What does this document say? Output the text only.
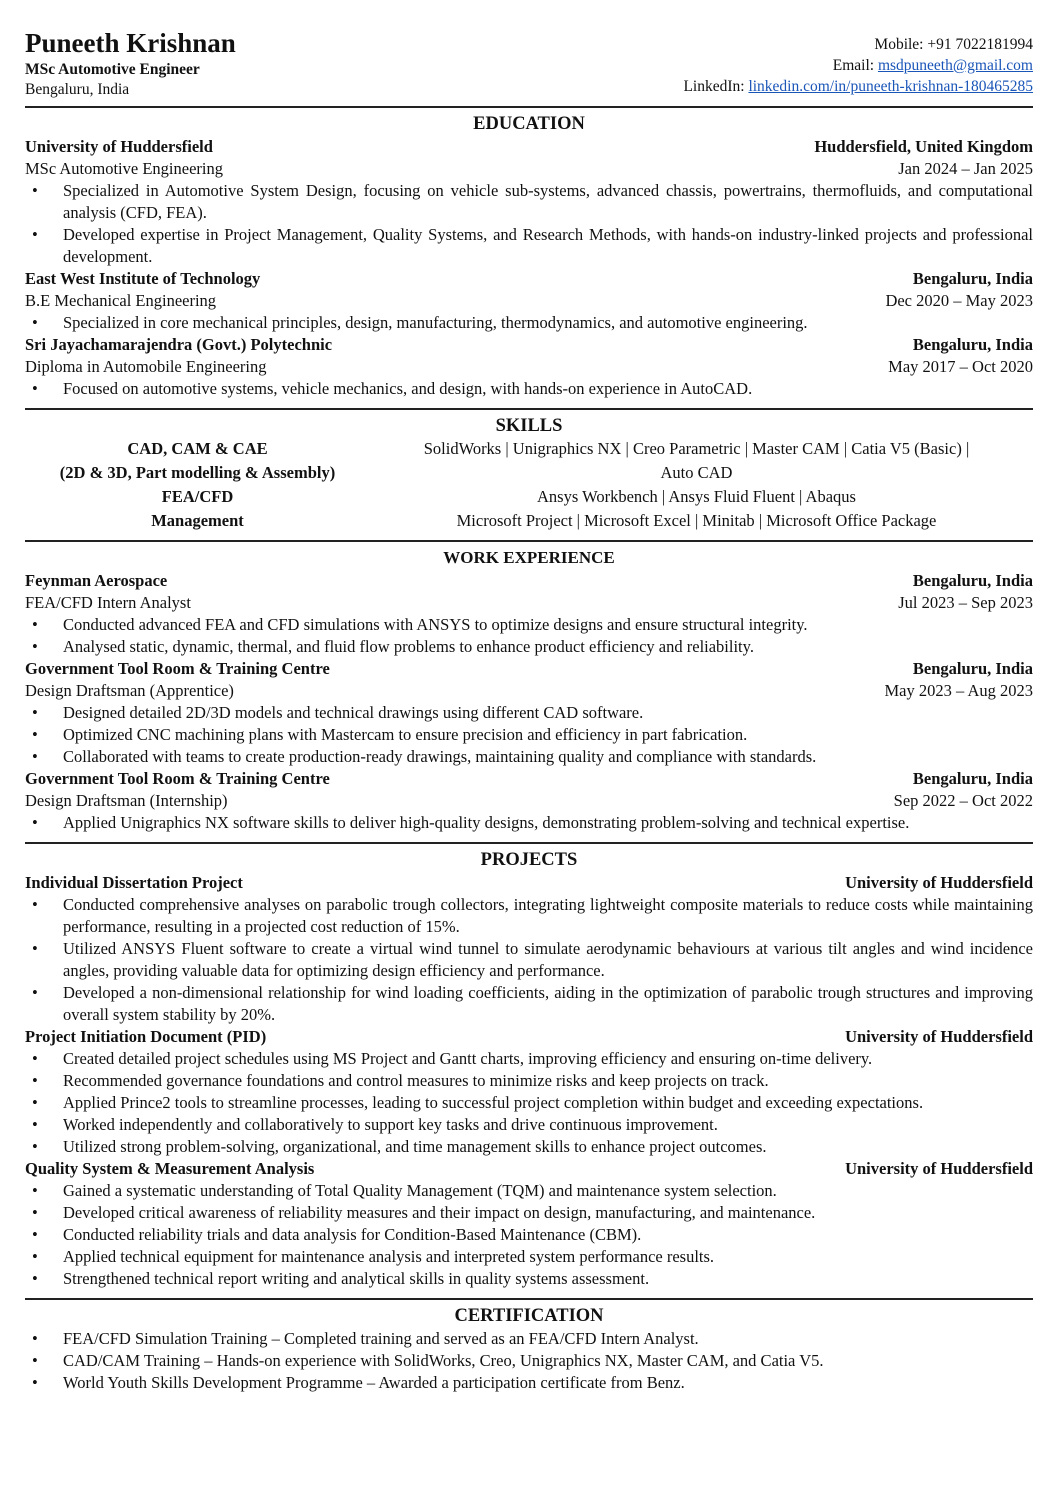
Puneeth Krishnan
MSc Automotive Engineer
Bengaluru, India
Mobile: +91 7022181994
Email: msdpuneeth@gmail.com
LinkedIn: linkedin.com/in/puneeth-krishnan-180465285
EDUCATION
University of Huddersfield	Huddersfield, United Kingdom
MSc Automotive Engineering	Jan 2024 – Jan 2025
• Specialized in Automotive System Design, focusing on vehicle sub-systems, advanced chassis, powertrains, thermofluids, and computational analysis (CFD, FEA).
• Developed expertise in Project Management, Quality Systems, and Research Methods, with hands-on industry-linked projects and professional development.
East West Institute of Technology	Bengaluru, India
B.E Mechanical Engineering	Dec 2020 – May 2023
• Specialized in core mechanical principles, design, manufacturing, thermodynamics, and automotive engineering.
Sri Jayachamarajendra (Govt.) Polytechnic	Bengaluru, India
Diploma in Automobile Engineering	May 2017 – Oct 2020
• Focused on automotive systems, vehicle mechanics, and design, with hands-on experience in AutoCAD.
SKILLS
CAD, CAM & CAE	SolidWorks | Unigraphics NX | Creo Parametric | Master CAM | Catia V5 (Basic) |
(2D & 3D, Part modelling & Assembly)	Auto CAD
FEA/CFD	Ansys Workbench | Ansys Fluid Fluent | Abaqus
Management	Microsoft Project | Microsoft Excel | Minitab | Microsoft Office Package
WORK EXPERIENCE
Feynman Aerospace	Bengaluru, India
FEA/CFD Intern Analyst	Jul 2023 – Sep 2023
• Conducted advanced FEA and CFD simulations with ANSYS to optimize designs and ensure structural integrity.
• Analysed static, dynamic, thermal, and fluid flow problems to enhance product efficiency and reliability.
Government Tool Room & Training Centre	Bengaluru, India
Design Draftsman (Apprentice)	May 2023 – Aug 2023
• Designed detailed 2D/3D models and technical drawings using different CAD software.
• Optimized CNC machining plans with Mastercam to ensure precision and efficiency in part fabrication.
• Collaborated with teams to create production-ready drawings, maintaining quality and compliance with standards.
Government Tool Room & Training Centre	Bengaluru, India
Design Draftsman (Internship)	Sep 2022 – Oct 2022
• Applied Unigraphics NX software skills to deliver high-quality designs, demonstrating problem-solving and technical expertise.
PROJECTS
Individual Dissertation Project	University of Huddersfield
• Conducted comprehensive analyses on parabolic trough collectors, integrating lightweight composite materials to reduce costs while maintaining performance, resulting in a projected cost reduction of 15%.
• Utilized ANSYS Fluent software to create a virtual wind tunnel to simulate aerodynamic behaviours at various tilt angles and wind incidence angles, providing valuable data for optimizing design efficiency and performance.
• Developed a non-dimensional relationship for wind loading coefficients, aiding in the optimization of parabolic trough structures and improving overall system stability by 20%.
Project Initiation Document (PID)	University of Huddersfield
• Created detailed project schedules using MS Project and Gantt charts, improving efficiency and ensuring on-time delivery.
• Recommended governance foundations and control measures to minimize risks and keep projects on track.
• Applied Prince2 tools to streamline processes, leading to successful project completion within budget and exceeding expectations.
• Worked independently and collaboratively to support key tasks and drive continuous improvement.
• Utilized strong problem-solving, organizational, and time management skills to enhance project outcomes.
Quality System & Measurement Analysis	University of Huddersfield
• Gained a systematic understanding of Total Quality Management (TQM) and maintenance system selection.
• Developed critical awareness of reliability measures and their impact on design, manufacturing, and maintenance.
• Conducted reliability trials and data analysis for Condition-Based Maintenance (CBM).
• Applied technical equipment for maintenance analysis and interpreted system performance results.
• Strengthened technical report writing and analytical skills in quality systems assessment.
CERTIFICATION
• FEA/CFD Simulation Training – Completed training and served as an FEA/CFD Intern Analyst.
• CAD/CAM Training – Hands-on experience with SolidWorks, Creo, Unigraphics NX, Master CAM, and Catia V5.
• World Youth Skills Development Programme – Awarded a participation certificate from Benz.
